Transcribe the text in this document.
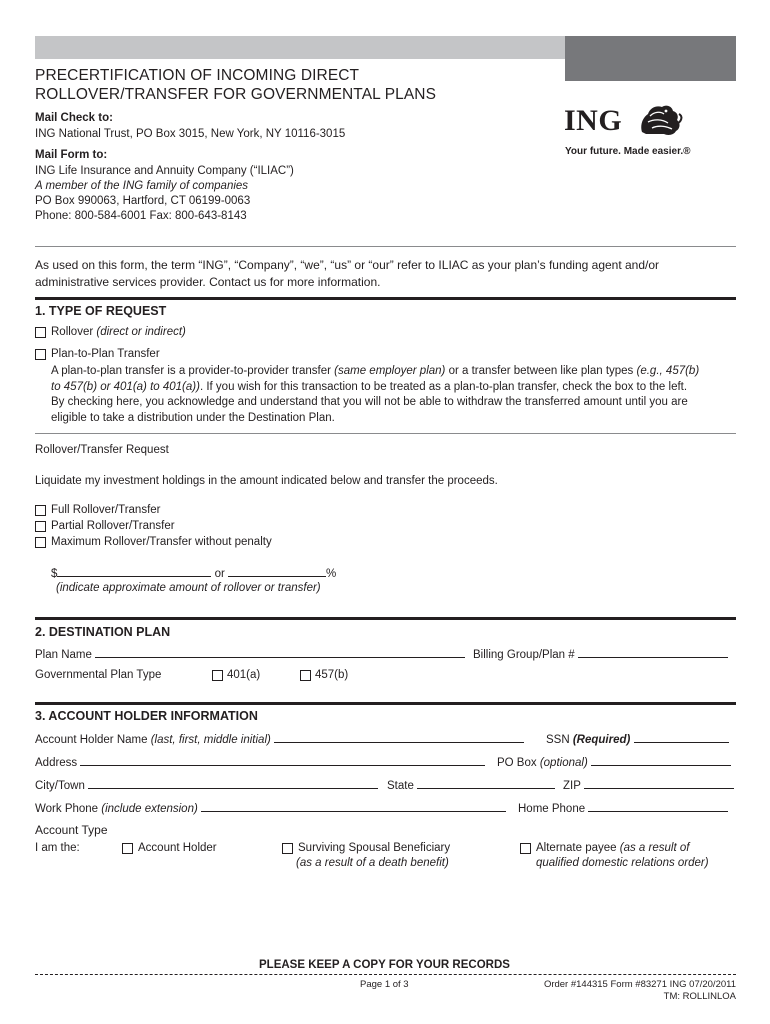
PRECERTIFICATION OF INCOMING DIRECT
ROLLOVER/TRANSFER FOR GOVERNMENTAL PLANS
Mail Check to:
ING National Trust, PO Box 3015, New York, NY 10116-3015
Mail Form to:
ING Life Insurance and Annuity Company (“ILIAC”)
A member of the ING family of companies
PO Box 990063, Hartford, CT 06199-0063
Phone: 800-584-6001 Fax: 800-643-8143
ING
Your future. Made easier.®
As used on this form, the term “ING”, “Company”, “we”, “us” or “our” refer to ILIAC as your plan’s funding agent and/or
administrative services provider. Contact us for more information.
1. TYPE OF REQUEST
Rollover (direct or indirect)
Plan-to-Plan Transfer
A plan-to-plan transfer is a provider-to-provider transfer (same employer plan) or a transfer between like plan types (e.g., 457(b)
to 457(b) or 401(a) to 401(a)). If you wish for this transaction to be treated as a plan-to-plan transfer, check the box to the left.
By checking here, you acknowledge and understand that you will not be able to withdraw the transferred amount until you are
eligible to take a distribution under the Destination Plan.
Rollover/Transfer Request
Liquidate my investment holdings in the amount indicated below and transfer the proceeds.
Full Rollover/Transfer
Partial Rollover/Transfer
Maximum Rollover/Transfer without penalty
$	or	%
(indicate approximate amount of rollover or transfer)
2. DESTINATION PLAN
Plan Name	Billing Group/Plan #
Governmental Plan Type	401(a)	457(b)
3. ACCOUNT HOLDER INFORMATION
Account Holder Name (last, first, middle initial)	SSN (Required)
Address	PO Box (optional)
City/Town	State	ZIP
Work Phone (include extension)	Home Phone
Account Type
I am the:	Account Holder	Surviving Spousal Beneficiary
(as a result of a death benefit)
Alternate payee (as a result of
qualified domestic relations order)
PLEASE KEEP A COPY FOR YOUR RECORDS
Page 1 of 3	Order #144315 Form #83271 ING 07/20/2011
TM: ROLLINLOA
